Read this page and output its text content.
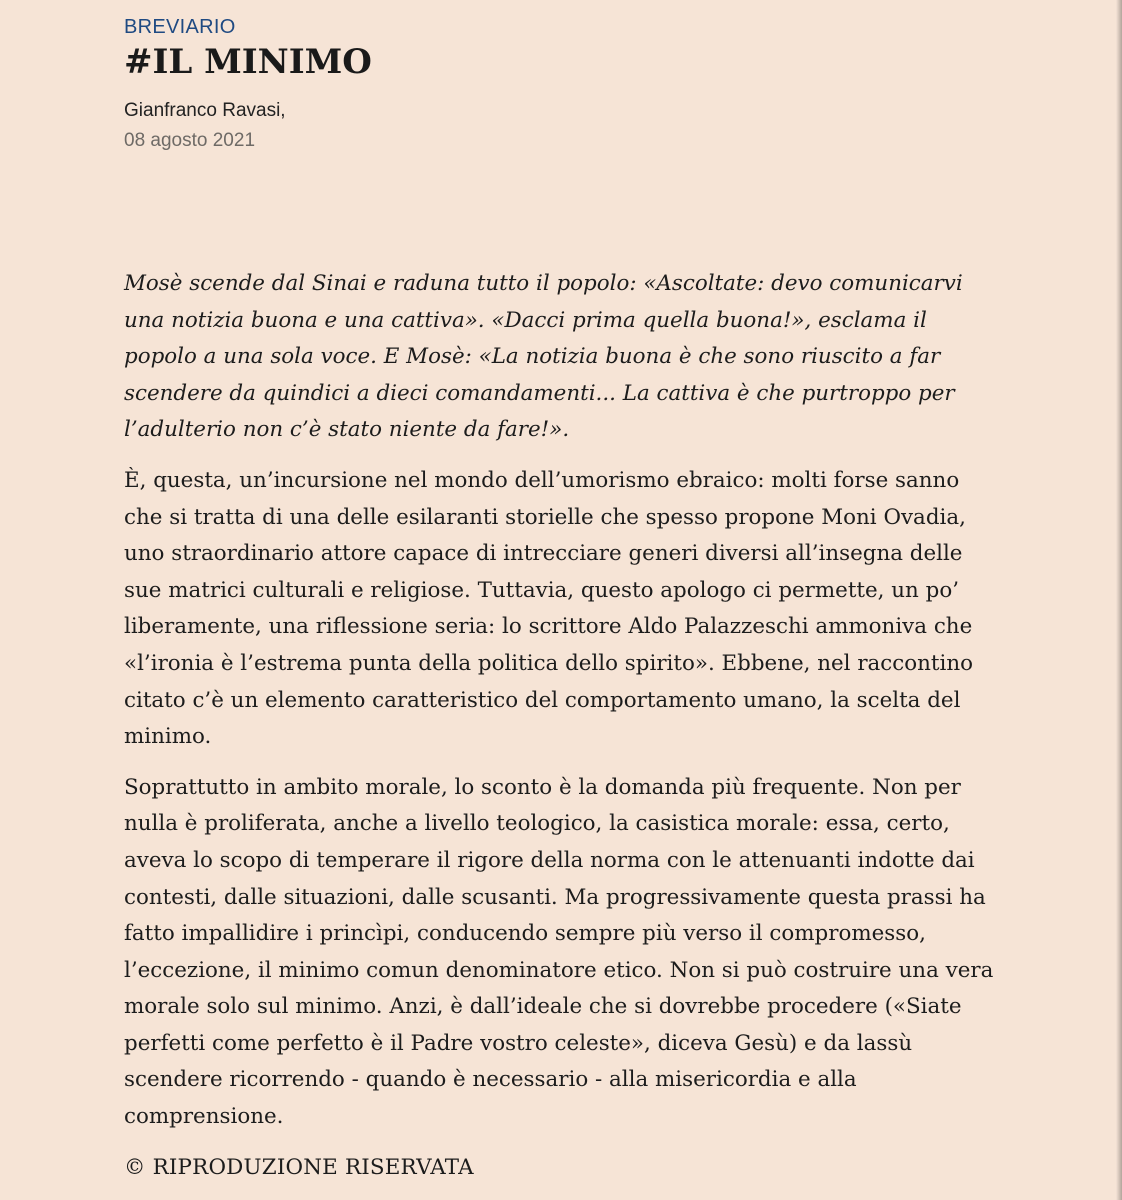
BREVIARIO
#IL MINIMO
Gianfranco Ravasi,
08 agosto 2021

Mosè scende dal Sinai e raduna tutto il popolo: «Ascoltate: devo comunicarvi una notizia buona e una cattiva». «Dacci prima quella buona!», esclama il popolo a una sola voce. E Mosè: «La notizia buona è che sono riuscito a far scendere da quindici a dieci comandamenti... La cattiva è che purtroppo per l’adulterio non c’è stato niente da fare!».

È, questa, un’incursione nel mondo dell’umorismo ebraico: molti forse sanno che si tratta di una delle esilaranti storielle che spesso propone Moni Ovadia, uno straordinario attore capace di intrecciare generi diversi all’insegna delle sue matrici culturali e religiose. Tuttavia, questo apologo ci permette, un po’ liberamente, una riflessione seria: lo scrittore Aldo Palazzeschi ammoniva che «l’ironia è l’estrema punta della politica dello spirito». Ebbene, nel raccontino citato c’è un elemento caratteristico del comportamento umano, la scelta del minimo.

Soprattutto in ambito morale, lo sconto è la domanda più frequente. Non per nulla è proliferata, anche a livello teologico, la casistica morale: essa, certo, aveva lo scopo di temperare il rigore della norma con le attenuanti indotte dai contesti, dalle situazioni, dalle scusanti. Ma progressivamente questa prassi ha fatto impallidire i princìpi, conducendo sempre più verso il compromesso, l’eccezione, il minimo comun denominatore etico. Non si può costruire una vera morale solo sul minimo. Anzi, è dall’ideale che si dovrebbe procedere («Siate perfetti come perfetto è il Padre vostro celeste», diceva Gesù) e da lassù scendere ricorrendo - quando è necessario - alla misericordia e alla comprensione.

© RIPRODUZIONE RISERVATA
